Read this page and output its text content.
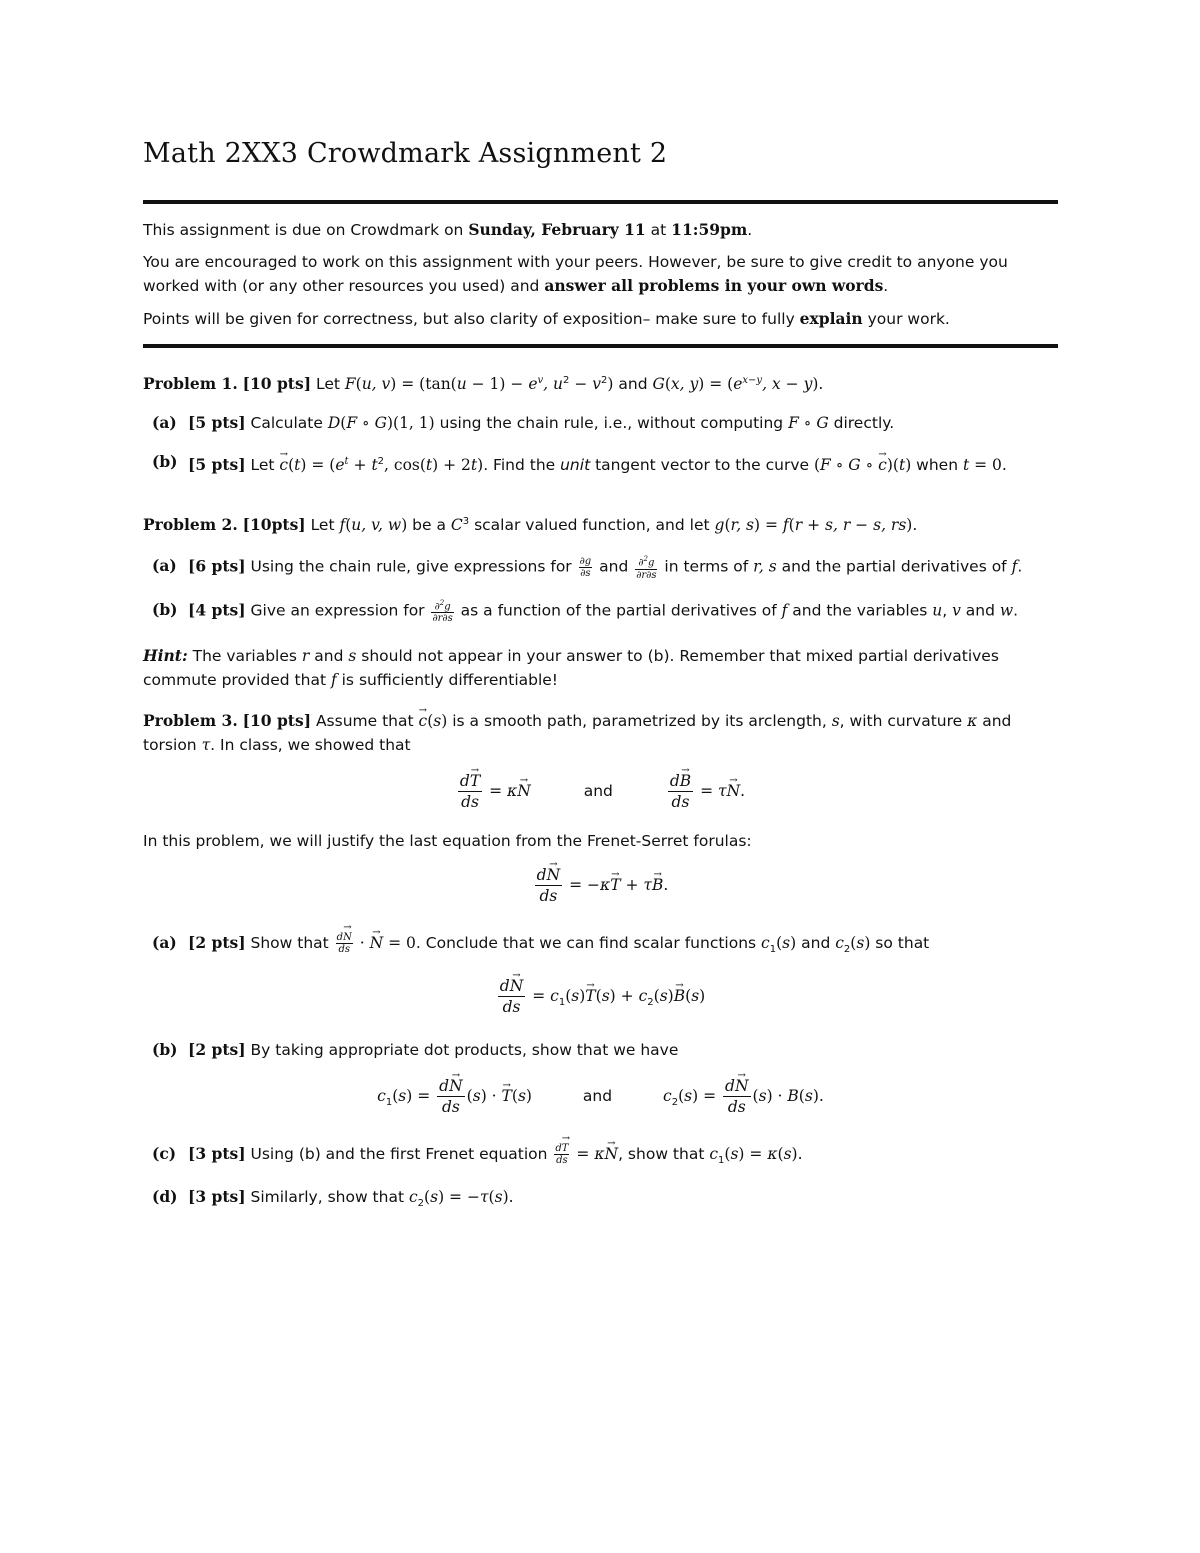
Math 2XX3 Crowdmark Assignment 2

This assignment is due on Crowdmark on Sunday, February 11 at 11:59pm.

You are encouraged to work on this assignment with your peers. However, be sure to give credit to anyone you worked with (or any other resources you used) and answer all problems in your own words.

Points will be given for correctness, but also clarity of exposition– make sure to fully explain your work.

Problem 1. [10 pts] Let F(u, $v) = (\tan(u - 1) - e^v$, $u^2 - v^2$) and G(x, $y) = (e^{x-y}$, x − y).

(a) [5 pts] Calculate D(F ∘ G)(1, 1) using the chain rule, i.e., without computing F ∘ G directly.
(b) [5 pts] Let → $c(t) = (e^t + t^2$, cos(t) + 2t). Find the unit tangent vector to the curve (F ∘ G ∘ → c)(t) when t = 0.

Problem 2. [10pts] Let f(u, v, w) be a $C^3$ scalar valued function, and let g(r, s) = f(r + s, r − s, rs).

(a) [6 pts] Using the chain rule, give expressions for $\frac{\partial g}{\partial s}$ and $\frac{\partial^2g}{\partial r\partial s}$ in terms of r, s and the partial derivatives of f.
(b) [4 pts] Give an expression for $\frac{\partial^2g}{\partial r\partial s}$ as a function of the partial derivatives of f and the variables u, v and w.

Hint: The variables r and s should not appear in your answer to (b). Remember that mixed partial derivatives commute provided that f is sufficiently differentiable!

Problem 3. [10 pts] Assume that → c(s) is a smooth path, parametrized by its arclength, s, with curvature κ and torsion τ. In class, we showed that

$\frac{d\to T}{ds} = \kappa\to N$	and	$\frac{d\to B}{ds} = \tau\to N$.

In this problem, we will justify the last equation from the Frenet-Serret forulas:

$\frac{d\to N}{ds} = -\kappa\to T + \tau\to B$.
(a) [2 pts] Show that $\frac{d\to N}{ds}$ · → N = 0. Conclude that we can find scalar functions $c_1(s)$ and $c_2(s)$ so that
$\frac{d\to N}{ds} = c_1(s)\to T(s) + c_2(s)\to B(s)$
(b) [2 pts] By taking appropriate dot products, show that we have
$c_1(s) = \frac{d\to N}{ds} (s)$ · → T(s)	and	$c_2(s) = \frac{d\to N}{ds} (s) \cdot B(s)$.
(c) [3 pts] Using (b) and the first Frenet equation $\frac{d\to T}{ds} = \kappa\to N$, show that $c_1(s) = \kappa(s)$.
(d) [3 pts] Similarly, show that $c_2(s) = -\tau(s)$.
